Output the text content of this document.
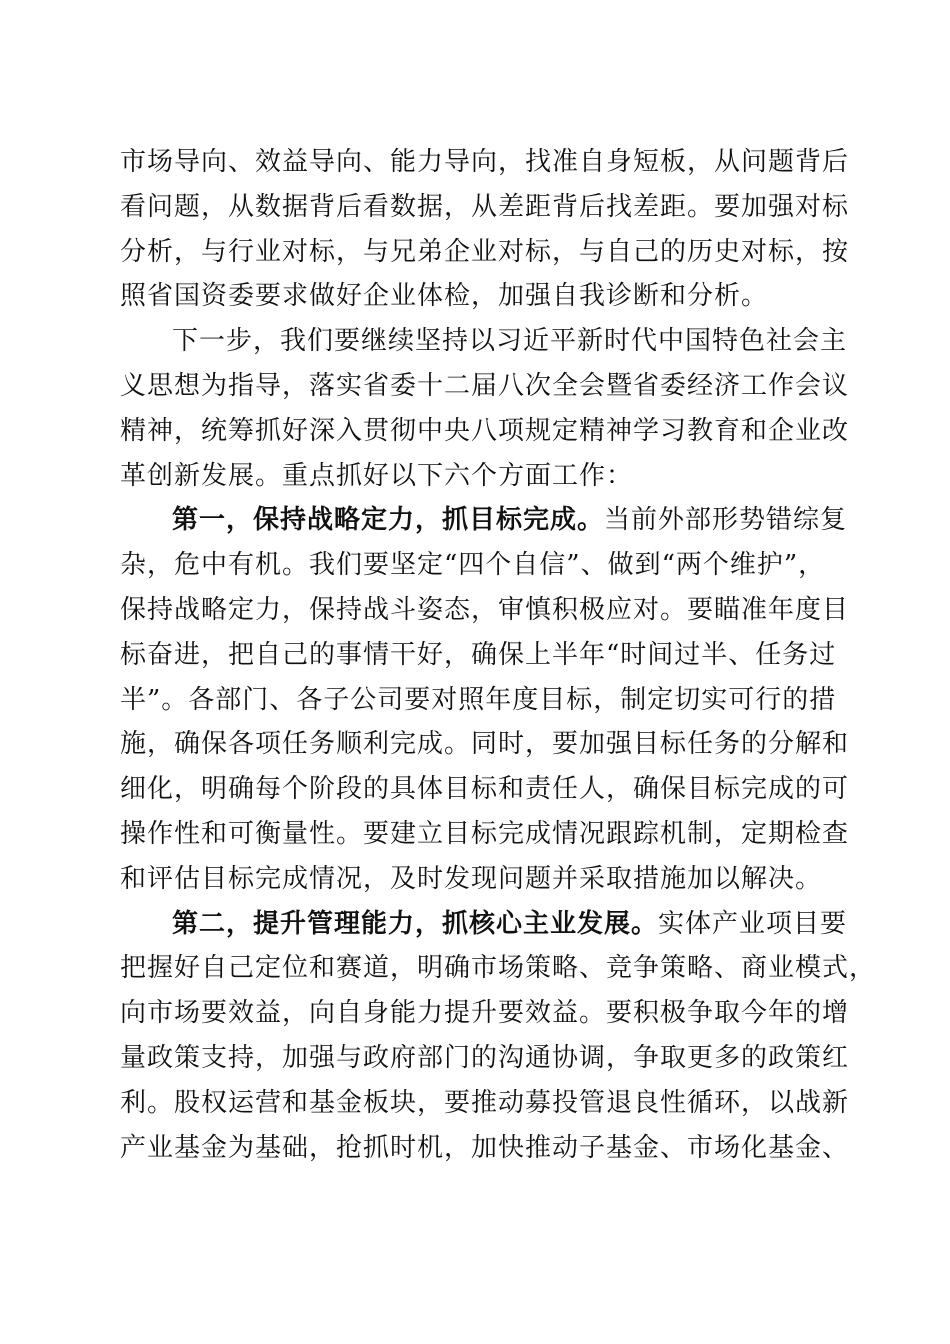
市场导向、效益导向、能力导向，找准自身短板，从问题背后
看问题，从数据背后看数据，从差距背后找差距。要加强对标
分析，与行业对标，与兄弟企业对标，与自己的历史对标，按
照省国资委要求做好企业体检，加强自我诊断和分析。
下一步，我们要继续坚持以习近平新时代中国特色社会主
义思想为指导，落实省委十二届八次全会暨省委经济工作会议
精神，统筹抓好深入贯彻中央八项规定精神学习教育和企业改
革创新发展。重点抓好以下六个方面工作：
第一，保持战略定力，抓目标完成。当前外部形势错综复
杂，危中有机。我们要坚定“四个自信”、做到“两个维护”，
保持战略定力，保持战斗姿态，审慎积极应对。要瞄准年度目
标奋进，把自己的事情干好，确保上半年“时间过半、任务过
半”。各部门、各子公司要对照年度目标，制定切实可行的措
施，确保各项任务顺利完成。同时，要加强目标任务的分解和
细化，明确每个阶段的具体目标和责任人，确保目标完成的可
操作性和可衡量性。要建立目标完成情况跟踪机制，定期检查
和评估目标完成情况，及时发现问题并采取措施加以解决。
第二，提升管理能力，抓核心主业发展。实体产业项目要
把握好自己定位和赛道，明确市场策略、竞争策略、商业模式，
向市场要效益，向自身能力提升要效益。要积极争取今年的增
量政策支持，加强与政府部门的沟通协调，争取更多的政策红
利。股权运营和基金板块，要推动募投管退良性循环，以战新
产业基金为基础，抢抓时机，加快推动子基金、市场化基金、
